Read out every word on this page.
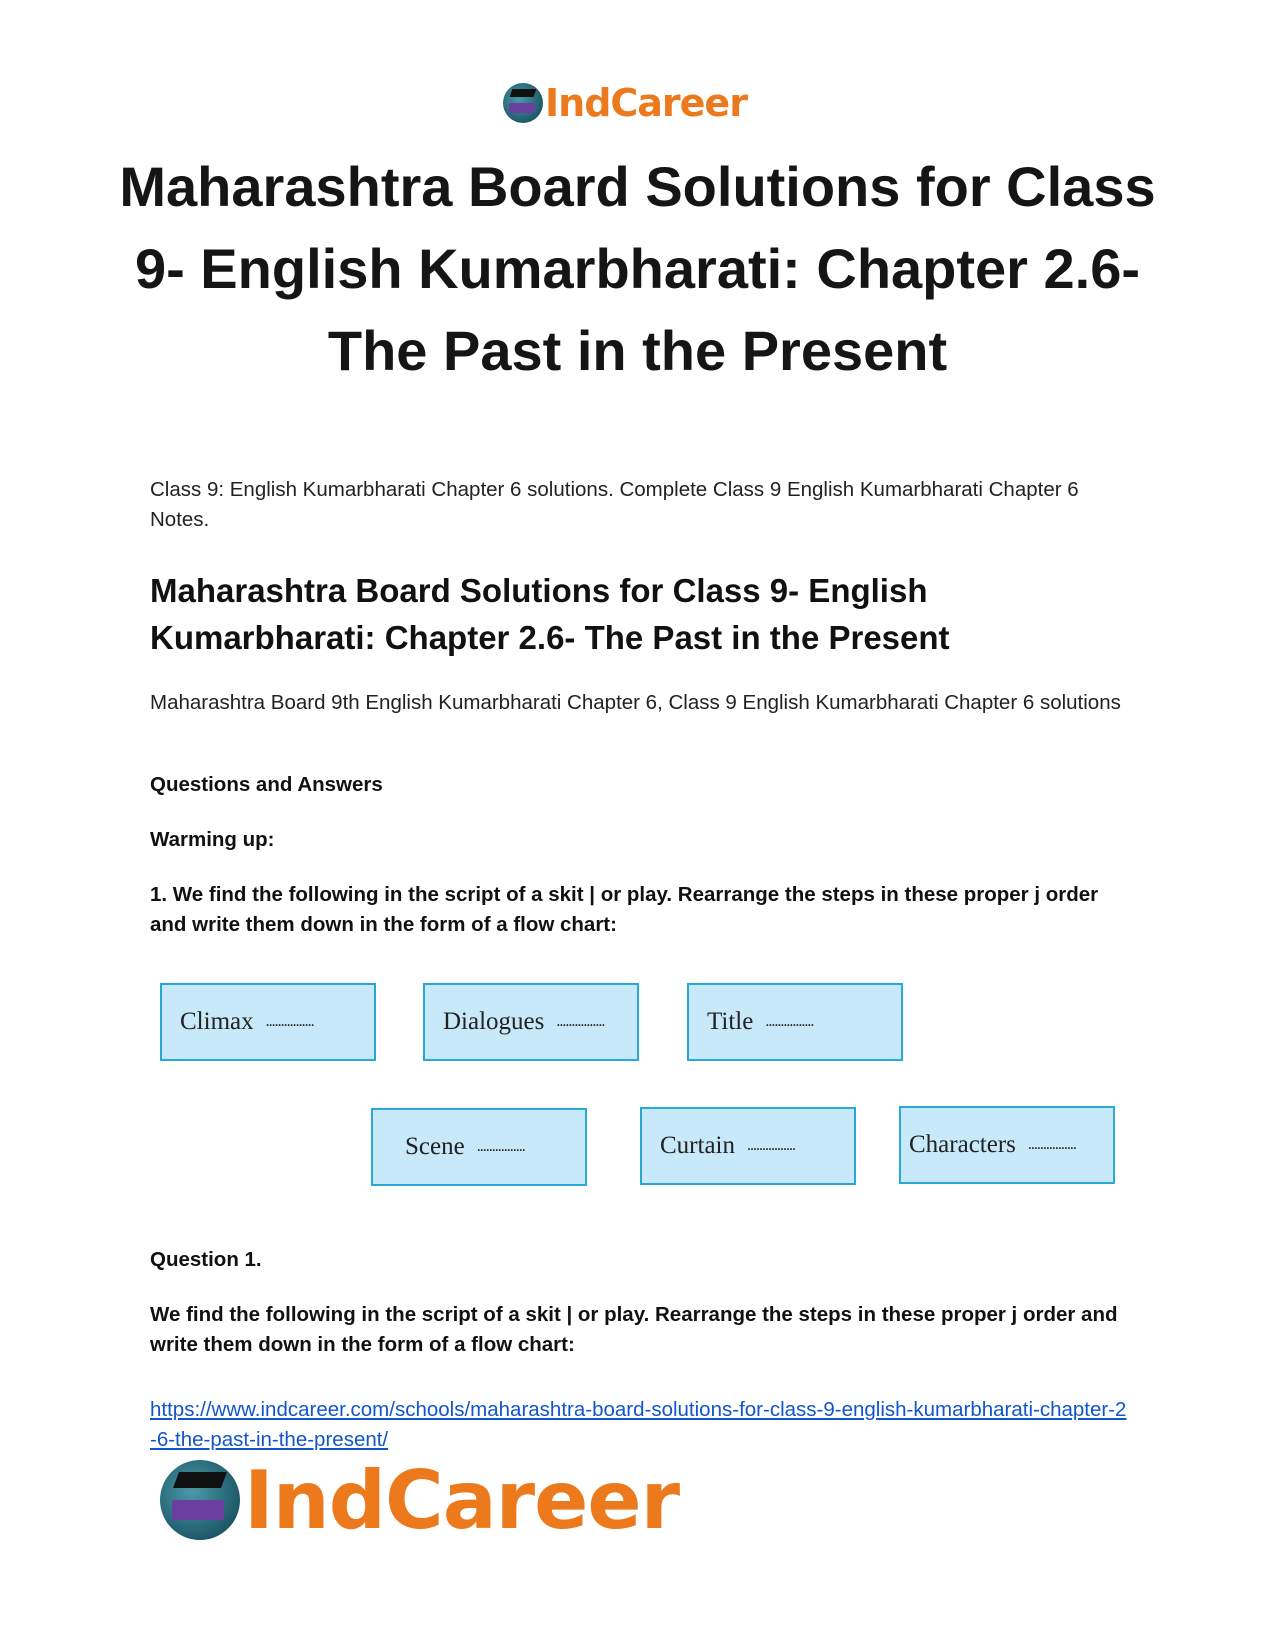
IndCareer
Maharashtra Board Solutions for Class 9- English Kumarbharati: Chapter 2.6- The Past in the Present

Class 9: English Kumarbharati Chapter 6 solutions. Complete Class 9 English Kumarbharati Chapter 6 Notes.

Maharashtra Board Solutions for Class 9- English Kumarbharati: Chapter 2.6- The Past in the Present

Maharashtra Board 9th English Kumarbharati Chapter 6, Class 9 English Kumarbharati Chapter 6 solutions

Questions and Answers

Warming up:

1. We find the following in the script of a skit | or play. Rearrange the steps in these proper j order and write them down in the form of a flow chart:

Climax ................	Dialogues ................	Title ................
Scene ................	Curtain ................	Characters ................

Question 1.

We find the following in the script of a skit | or play. Rearrange the steps in these proper j order and write them down in the form of a flow chart:

https://www.indcareer.com/schools/maharashtra-board-solutions-for-class-9-english-kumarbharati-chapter-2-6-the-past-in-the-present/
IndCareer
